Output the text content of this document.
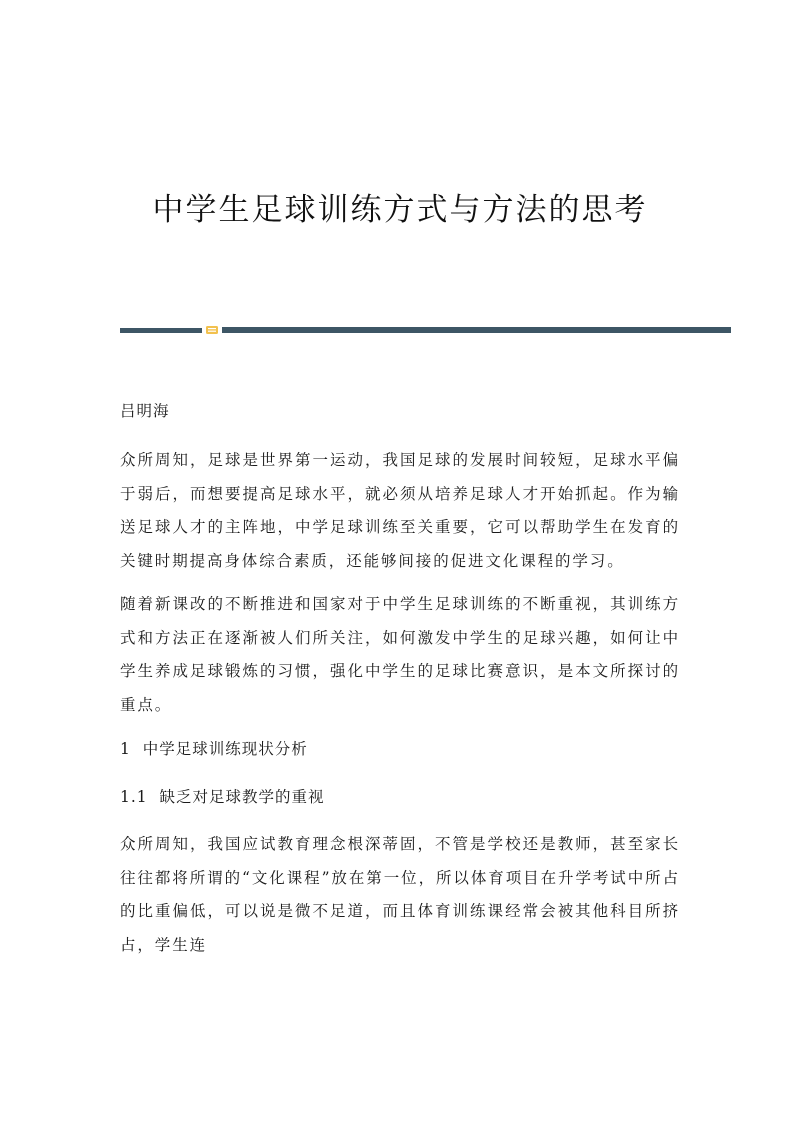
中学生足球训练方式与方法的思考
吕明海

众所周知，足球是世界第一运动，我国足球的发展时间较短，足球水平偏于弱后，而想要提高足球水平，就必须从培养足球人才开始抓起。作为输送足球人才的主阵地，中学足球训练至关重要，它可以帮助学生在发育的关键时期提高身体综合素质，还能够间接的促进文化课程的学习。

随着新课改的不断推进和国家对于中学生足球训练的不断重视，其训练方式和方法正在逐渐被人们所关注，如何激发中学生的足球兴趣，如何让中学生养成足球锻炼的习惯，强化中学生的足球比赛意识，是本文所探讨的重点。

1  中学足球训练现状分析
1.1  缺乏对足球教学的重视

众所周知，我国应试教育理念根深蒂固，不管是学校还是教师，甚至家长往往都将所谓的“文化课程”放在第一位，所以体育项目在升学考试中所占的比重偏低，可以说是微不足道，而且体育训练课经常会被其他科目所挤占，学生连
